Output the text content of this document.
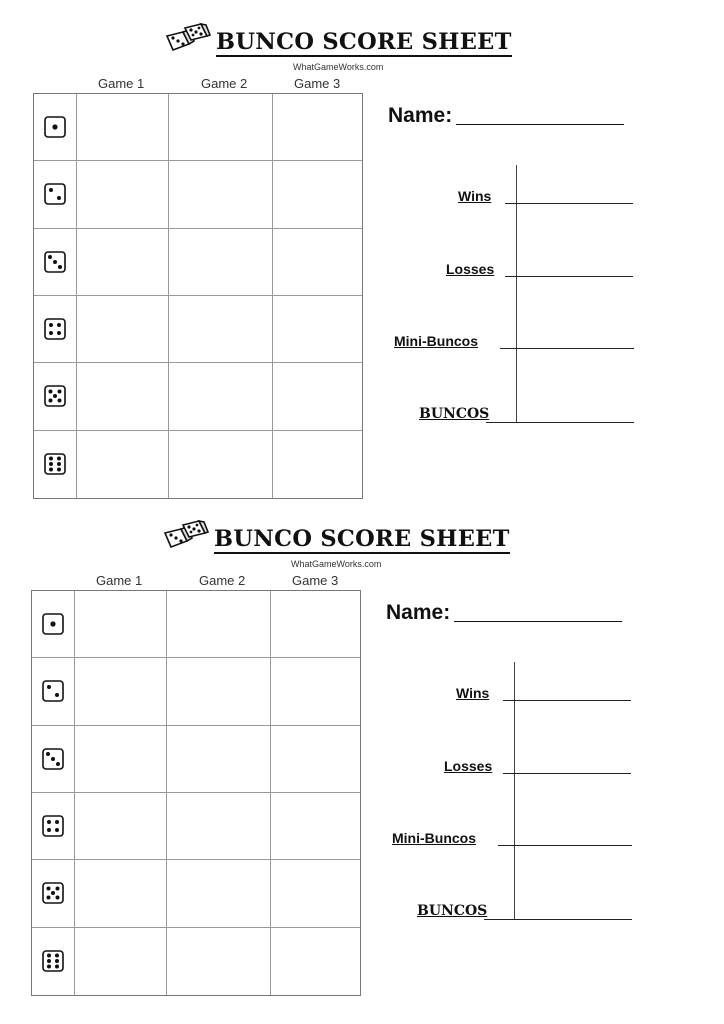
BUNCO SCORE SHEET
WhatGameWorks.com
Game 1	Game 2	Game 3
Name:
Wins
Losses
Mini-Buncos
BUNCOS
BUNCO SCORE SHEET
WhatGameWorks.com
Game 1	Game 2	Game 3
Name:
Wins
Losses
Mini-Buncos
BUNCOS
